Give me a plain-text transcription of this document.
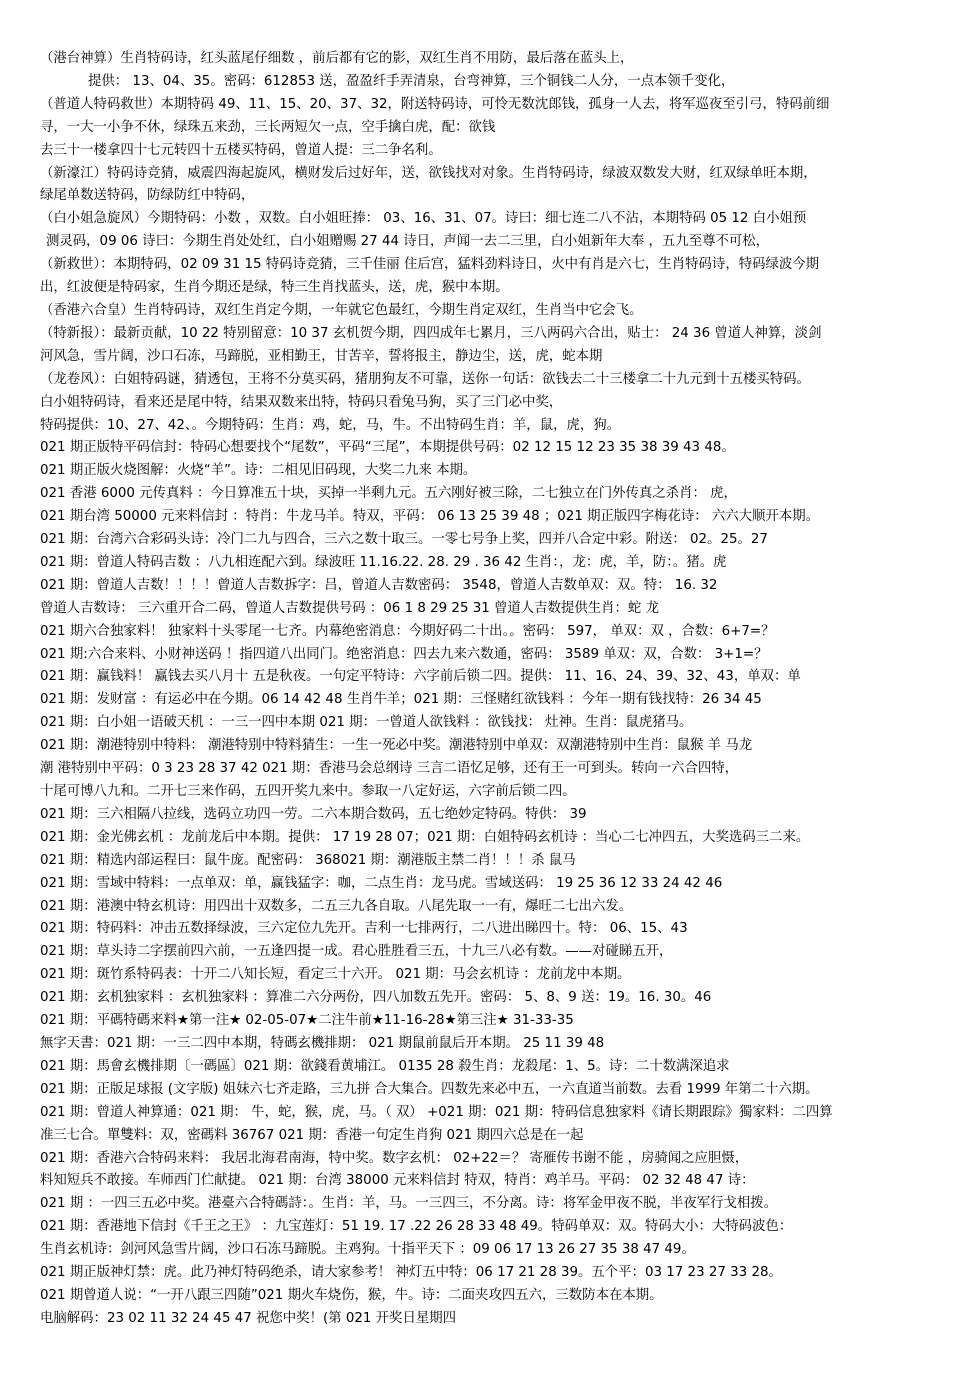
（港台神算）生肖特码诗，红头蓝尾仔细数 ，前后都有它的影，双红生肖不用防，最后落在蓝头上，
提供： 13、04、35。密码：612853 送，盈盈纤手弄清泉，台弯神算，三个铜钱二人分，一点本领千变化，
（普道人特码救世）本期特码 49、11、15、20、37、32，附送特码诗，可怜无数沈郎钱，孤身一人去，将军巡夜至引弓，特码前细
寻，一大一小争不休，绿珠五来劲，三长两短欠一点，空手擒白虎，配：欲钱
去三十一楼拿四十七元转四十五楼买特码，曾道人提：三二争名利。
（新濠江）特码诗竞猜，威震四海起旋风，横财发后过好年，送，欲钱找对对象。生肖特码诗，绿波双数发大财，红双绿单旺本期，
绿尾单数送特码，防绿防红中特码，
（白小姐急旋风）今期特码：小数 ，双数。白小姐旺捧： 03、16、31、07。诗曰：细七连二八不沾，本期特码 05 12 白小姐预
测灵码，09 06 诗曰：今期生肖处处红，白小姐赠赐 27 44 诗日，声闻一去二三里，白小姐新年大奉 ，五九至尊不可松，
（新救世）：本期特码，02 09 31 15 特码诗竞猜，三千佳丽 住后宫，猛料劲料诗日，火中有肖是六七，生肖特码诗，特码绿波今期
出，红波便是特码家，生肖今期还是绿，特三生肖找蓝头，送，虎，猴中本期。
（香港六合皇）生肖特码诗，双红生肖定今期，一年就它色最红，今期生肖定双红，生肖当中它会飞。
（特新报）：最新贡献，10 22 特别留意：10 37 玄机贺今期，四四成年七累月，三八两码六合出，贴士： 24 36 曾道人神算，淡剑
河风急，雪片阔，沙口石冻，马蹄脱，亚相勤王，甘苦辛，誓将报主，静边尘，送，虎，蛇本期
（龙卷风）：白姐特码谜，猜透包，王将不分莫买码，猪朋狗友不可靠，送你一句话：欲钱去二十三楼拿二十九元到十五楼买特码。
白小姐特码诗，看来还是尾中特，结果双数来出特，特码只看兔马狗，买了三门必中奖，
特码提供：10、27、42、。今期特码：生肖：鸡，蛇，马，牛。不出特码生肖：羊，鼠，虎，狗。
021 期正版特平码信封：特码心想要找个“尾数”，平码“三尾”，本期提供号码：02 12 15 12 23 35 38 39 43 48。
021 期正版火烧图解：火烧“羊”。诗：二相见旧码现，大奖二九来 本期。
021 香港 6000 元传真料 ：今日算准五十块，买掉一半剩九元。五六刚好被三除，二七独立在门外传真之杀肖： 虎，
021 期台湾 50000 元来料信封 ：特肖：牛龙马羊。特双，平码： 06 13 25 39 48 ；021 期正版四字梅花诗： 六六大顺开本期。
021 期：台湾六合彩码头诗：冷门二九与四合，三六之数十取三。一零七号争上奖，四并八合定中彩。附送： 02。25。27
021 期：曾道人特码吉数 ：八九相连配六到。绿波旺 11.16.22. 28. 29 . 36 42 生肖：，龙：虎，羊，防：。猪。虎
021 期：曾道人吉数！！！！曾道人吉数拆字：吕，曾道人吉数密码： 3548，曾道人吉数单双：双。特： 16. 32
曾道人吉数诗： 三六重开合二码，曾道人吉数提供号码 ：06 1 8 29 25 31 曾道人吉数提供生肖：蛇 龙
021 期六合独家料！ 独家料十头零尾一七齐。内幕绝密消息：今期好码二十出。。密码： 597， 单双：双 ，合数：6+7=？
021 期:六合来料、小财神送码 ！指四道八出同门。绝密消息：四去九来六数通，密码： 3589 单双：双，合数： 3+1=？
021 期：赢钱料！ 赢钱去买八月十 五是秋夜。一句定平特诗：六字前后锁二四。提供： 11、16、24、39、32、43，单双：单
021 期：发财富 ：有运必中在今期。06 14 42 48 生肖牛羊；021 期：三怪赌红欲钱料 ：今年一期有钱找特：26 34 45
021 期：白小姐一语破天机 ：一三一四中本期 021 期：一曾道人欲钱料 ：欲钱找： 灶神。生肖：鼠虎猪马。
021 期：潮港特别中特料： 潮港特别中特料猜生：一生一死必中奖。潮港特别中单双：双潮港特别中生肖：鼠猴 羊 马龙
潮 港特别中平码：0 3 23 28 37 42 021 期：香港马会总纲诗 三言二语忆足够，还有王一可到头。转向一六合四特，
十尾可博八九和。二开七三来作码，五四开奖九来中。参取一八定好运，六字前后锁二四。
021 期：三六相隔八拉线，选码立功四一劳。二六本期合数码，五七绝妙定特码。特供： 39
021 期：金光佛玄机 ：龙前龙后中本期。提供： 17 19 28 07；021 期：白姐特码玄机诗 ：当心二七冲四五，大奖选码三二来。
021 期：精选内部运程曰：鼠牛庞。配密码： 368021 期：潮港版主禁二肖！！！杀 鼠马
021 期：雪域中特料：一点单双：单，赢钱猛字：咖，二点生肖：龙马虎。雪域送码： 19 25 36 12 33 24 42 46
021 期：港澳中特玄机诗：用四出十双数多，二五三九各自取。八尾先取一一有，爆旺二七出六发。
021 期：特码料：冲击五数择绿波，三六定位九先开。吉利一七排两行，二八进出睇四十。特： 06、15、43
021 期：草头诗二字摆前四六前，一五逢四提一成。君心胜胜看三五，十九三八必有数。——对碰睇五开，
021 期：斑竹系特码表：十开二八知长短，看定三十六开。 021 期：马会玄机诗 ：龙前龙中本期。
021 期：玄机独家料 ：玄机独家料 ：算准二六分两份，四八加数五先开。密码： 5、8、9 送：19。16. 30。46
021 期：平碼特碼来料★第一注★ 02-05-07★二注牛前★11-16-28★第三注★ 31-33-35
無字天書：021 期：一三二四中本期，特碼玄機排期： 021 期鼠前鼠后开本期。 25 11 39 48
021 期：馬會玄機排期〔一碼區〕021 期：欲錢看黄埔江。 0135 28 殺生肖：龙殺尾：1、5。诗：二十数满深追求
021 期：正版足球报 (文字版) 姐妹六七齐走路，三九拼 合大集合。四数先来必中五，一六直道当前数。去看 1999 年第二十六期。
021 期：曾道人神算通：021 期： 牛，蛇，猴，虎，马。（ 双） +021 期：021 期：特码信息独家料《请长期跟踪》獨家料：二四算
准三七合。單雙料：双，密碼料 36767 021 期：香港一句定生肖狗 021 期四六总是在一起
021 期：香港六合特码来料： 我居北海君南海，特中奖。数字玄机： 02+22＝？ 寄雁传书谢不能 ，房骑闻之应胆慑，
料知短兵不敢接。车师西门伫献捷。 021 期：台湾 38000 元来料信封 特双，特肖：鸡羊马。平码： 02 32 48 47 诗：
021 期 ：一四三五必中奖。港臺六合特碼詩：。生肖：羊，马。一三四三，不分离。诗：将军金甲夜不脱，半夜军行戈相拨。
021 期：香港地下信封《千王之王》 ：九宝莲灯：51 19. 17 .22 26 28 33 48 49。特码单双：双。特码大小：大特码波色：
生肖玄机诗：剑河风急雪片阔，沙口石冻马蹄脱。主鸡狗。十指平天下 ：09 06 17 13 26 27 35 38 47 49。
021 期正版神灯禁：虎。此乃神灯特码绝杀，请大家参考！ 神灯五中特：06 17 21 28 39。五个平：03 17 23 27 33 28。
021 期曾道人说：“一开八跟三四随”021 期火车烧伤，猴，牛。诗：二面夹攻四五六，三数防本在本期。
电脑解码：23 02 11 32 24 45 47 祝您中奖！(第 021 开奖日星期四
